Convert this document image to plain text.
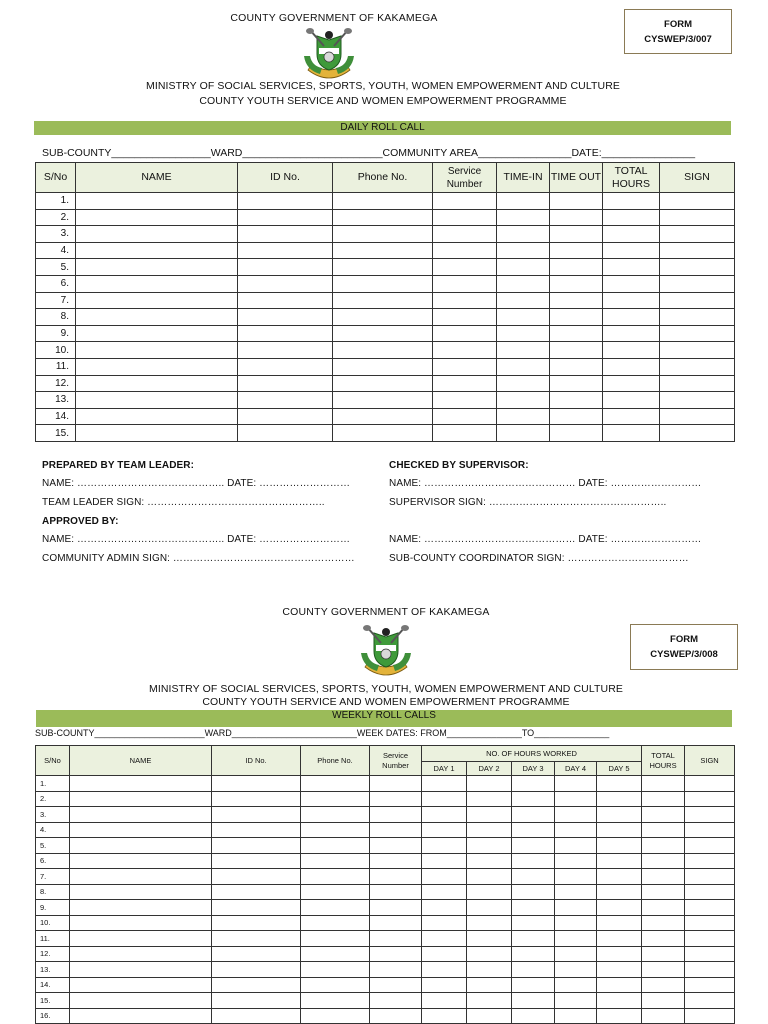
COUNTY GOVERNMENT OF KAKAMEGA
FORM
CYSWEP/3/007
MINISTRY OF SOCIAL SERVICES, SPORTS, YOUTH, WOMEN EMPOWERMENT AND CULTURE
COUNTY YOUTH SERVICE AND WOMEN EMPOWERMENT PROGRAMME
DAILY ROLL CALL
SUB-COUNTY_________________WARD________________________COMMUNITY AREA________________DATE:________________
S/No	NAME	ID No.	Phone No.	Service Number	TIME-IN	TIME OUT	TOTAL HOURS	SIGN
1.								
2.								
3.								
4.								
5.								
6.								
7.								
8.								
9.								
10.								
11.								
12.								
13.								
14.								
15.								
PREPARED BY TEAM LEADER:
NAME: …………………………………….. DATE: ………………………
TEAM LEADER SIGN: ……………………………………………..
APPROVED BY:
NAME: …………………………………….. DATE: ………………………
COMMUNITY ADMIN SIGN: ………………………………………………
CHECKED BY SUPERVISOR:
NAME: ……………………………………… DATE: ………………………
SUPERVISOR SIGN: ……………………………………………..
NAME: ……………………………………… DATE: ………………………
SUB-COUNTY COORDINATOR SIGN: ………………………………
COUNTY GOVERNMENT OF KAKAMEGA
FORM
CYSWEP/3/008
MINISTRY OF SOCIAL SERVICES, SPORTS, YOUTH, WOMEN EMPOWERMENT AND CULTURE
COUNTY YOUTH SERVICE AND WOMEN EMPOWERMENT PROGRAMME
WEEKLY ROLL CALLS
SUB-COUNTY______________________WARD_________________________WEEK DATES: FROM_______________TO_______________
S/No	NAME	ID No.	Phone No.	Service Number	NO. OF HOURS WORKED					TOTAL HOURS	SIGN
					DAY 1	DAY 2	DAY 3	DAY 4	DAY 5		
1.											
2.											
3.											
4.											
5.											
6.											
7.											
8.											
9.											
10.											
11.											
12.											
13.											
14.											
15.											
16.											
